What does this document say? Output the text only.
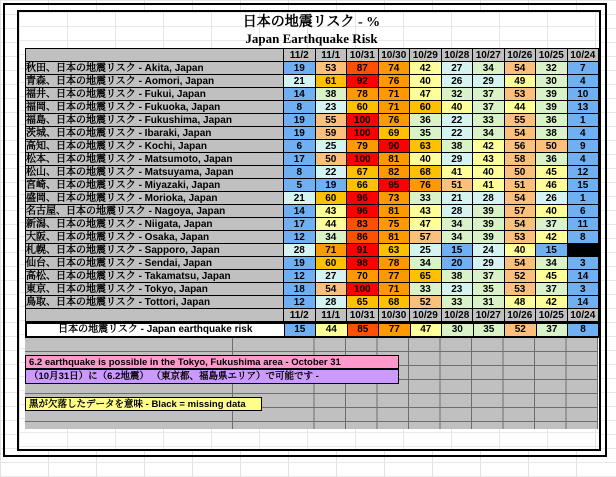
日本の地震リスク - %
Japan Earthquake Risk
	11/2	11/1	10/31	10/30	10/29	10/28	10/27	10/26	10/25	10/24
秋田、日本の地震リスク - Akita, Japan	19	53	87	74	42	27	34	54	32	7
青森、日本の地震リスク - Aomori, Japan	21	61	92	76	40	26	29	49	30	4
福井、日本の地震リスク - Fukui, Japan	14	38	78	71	47	32	37	53	39	10
福岡、日本の地震リスク - Fukuoka, Japan	8	23	60	71	60	40	37	44	39	13
福島、日本の地震リスク - Fukushima, Japan	19	55	100	76	36	22	33	55	36	1
茨城、日本の地震リスク - Ibaraki, Japan	19	59	100	69	35	22	34	54	38	4
高知、日本の地震リスク - Kochi, Japan	6	25	79	90	63	38	42	56	50	9
松本、日本の地震リスク - Matsumoto, Japan	17	50	100	81	40	29	43	58	36	4
松山、日本の地震リスク - Matsuyama, Japan	8	22	67	82	68	41	40	50	45	12
宮崎、日本の地震リスク - Miyazaki, Japan	5	19	66	95	76	51	41	51	46	15
盛岡、日本の地震リスク - Morioka, Japan	21	60	96	73	33	21	28	54	26	1
名古屋、日本の地震リスク - Nagoya, Japan	14	43	96	81	43	28	39	57	40	6
新潟、日本の地震リスク - Niigata, Japan	17	44	83	75	47	34	39	54	37	11
大阪、日本の地震リスク - Osaka, Japan	12	34	86	81	57	34	39	53	42	8
札幌、日本の地震リスク - Sapporo, Japan	28	71	91	63	25	15	24	40	15	
仙台、日本の地震リスク - Sendai, Japan	19	60	98	78	34	20	29	54	34	3
高松、日本の地震リスク - Takamatsu, Japan	12	27	70	77	65	38	37	52	45	14
東京、日本の地震リスク - Tokyo, Japan	18	54	100	71	33	23	35	53	37	3
鳥取、日本の地震リスク - Tottori, Japan	12	28	65	68	52	33	31	48	42	14
	11/2	11/1	10/31	10/30	10/29	10/28	10/27	10/26	10/25	10/24
日本の地震リスク - Japan earthquake risk	15	44	85	77	47	30	35	52	37	8
6.2 earthquake is possible in the Tokyo, Fukushima area - October 31
（10月31日）に（6.2地震） （東京都、福島県エリア）で可能です -
黒が欠落したデータを意味 - Black = missing data
